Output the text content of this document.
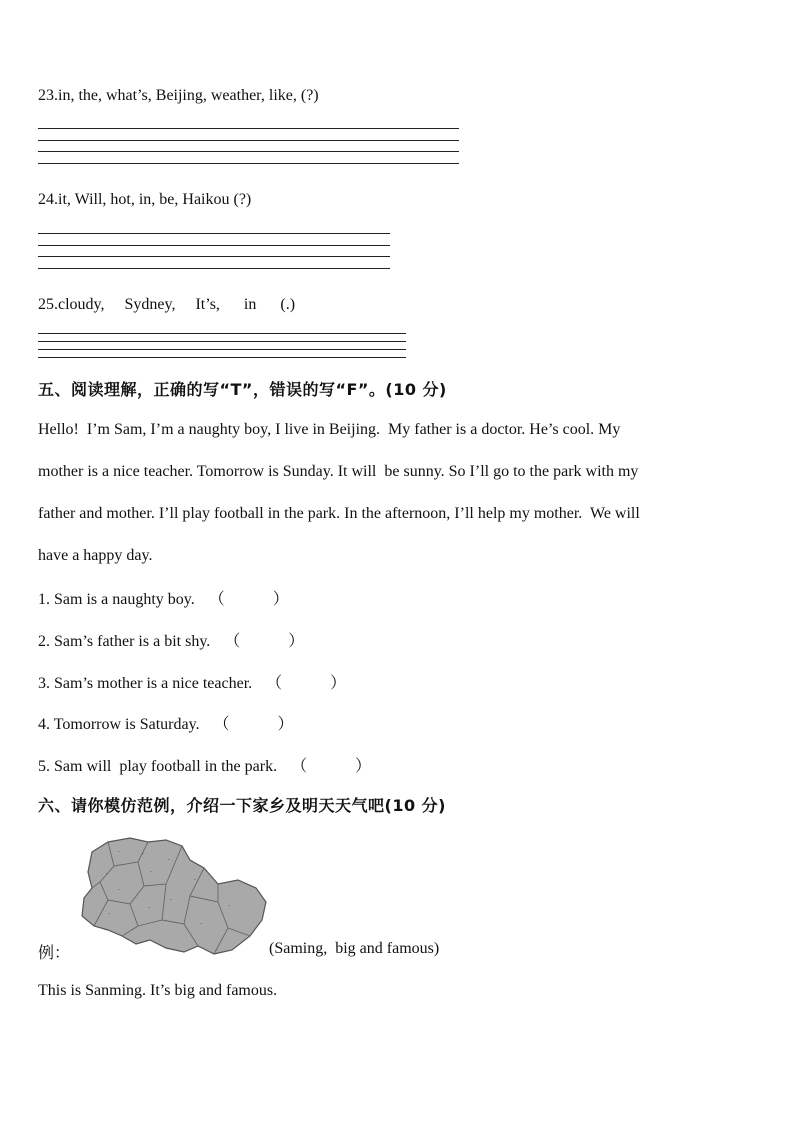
23.in, the, what’s, Beijing, weather, like, (?)
24.it, Will, hot, in, be, Haikou (?)
25.cloudy,     Sydney,     It’s,      in      (.)
五、阅读理解，正确的写“T”，错误的写“F”。(10 分)
Hello!  I’m Sam, I’m a naughty boy, I live in Beijing.  My father is a doctor. He’s cool. My
mother is a nice teacher. Tomorrow is Sunday. It will  be sunny. So I’ll go to the park with my
father and mother. I’ll play football in the park. In the afternoon, I’ll help my mother.  We will
have a happy day.
1. Sam is a naughty boy. （	）
2. Sam’s father is a bit shy. （	）
3. Sam’s mother is a nice teacher. （	）
4. Tomorrow is Saturday. （	）
5. Sam will  play football in the park. （	）
六、请你模仿范例，介绍一下家乡及明天天气吧(10 分)
·	·
·
·	·
·
·
·
·
·
·
·
例：	(Saming,  big and famous)
This is Sanming. It’s big and famous.
